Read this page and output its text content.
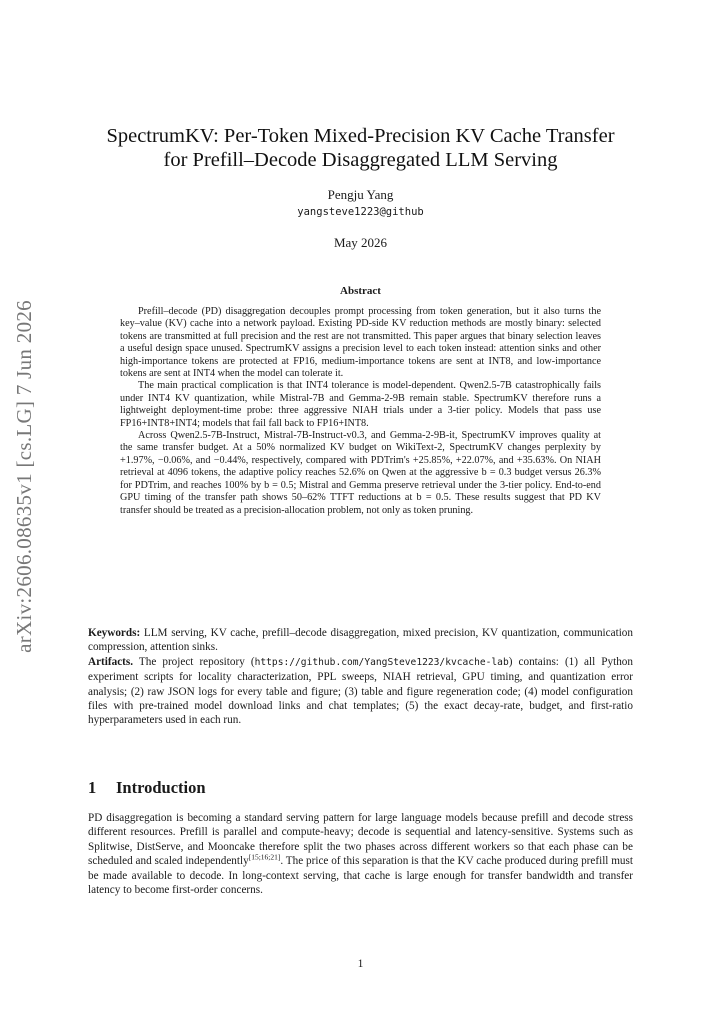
arXiv:2606.08635v1 [cs.LG] 7 Jun 2026
SpectrumKV: Per-Token Mixed-Precision KV Cache Transfer
for Prefill–Decode Disaggregated LLM Serving
Pengju Yang
yangsteve1223@github
May 2026
Abstract

Prefill–decode (PD) disaggregation decouples prompt processing from token generation, but it also turns the key–value (KV) cache into a network payload. Existing PD-side KV reduction methods are mostly binary: selected tokens are transmitted at full precision and the rest are not transmitted. This paper argues that binary selection leaves a useful design space unused. SpectrumKV assigns a precision level to each token instead: attention sinks and other high-importance tokens are protected at FP16, medium-importance tokens are sent at INT8, and low-importance tokens are sent at INT4 when the model can tolerate it.

The main practical complication is that INT4 tolerance is model-dependent. Qwen2.5-7B catastrophically fails under INT4 KV quantization, while Mistral-7B and Gemma-2-9B remain stable. SpectrumKV therefore runs a lightweight deployment-time probe: three aggressive NIAH trials under a 3-tier policy. Models that pass use FP16+INT8+INT4; models that fail fall back to FP16+INT8.

Across Qwen2.5-7B-Instruct, Mistral-7B-Instruct-v0.3, and Gemma-2-9B-it, SpectrumKV improves quality at the same transfer budget. At a 50% normalized KV budget on WikiText-2, SpectrumKV changes perplexity by +1.97%, −0.06%, and −0.44%, respectively, compared with PDTrim's +25.85%, +22.07%, and +35.63%. On NIAH retrieval at 4096 tokens, the adaptive policy reaches 52.6% on Qwen at the aggressive b = 0.3 budget versus 26.3% for PDTrim, and reaches 100% by b = 0.5; Mistral and Gemma preserve retrieval under the 3-tier policy. End-to-end GPU timing of the transfer path shows 50–62% TTFT reductions at b = 0.5. These results suggest that PD KV transfer should be treated as a precision-allocation problem, not only as token pruning.

Keywords: LLM serving, KV cache, prefill–decode disaggregation, mixed precision, KV quantization, communication compression, attention sinks.

Artifacts. The project repository (https://github.com/YangSteve1223/kvcache-lab) contains: (1) all Python experiment scripts for locality characterization, PPL sweeps, NIAH retrieval, GPU timing, and quantization error analysis; (2) raw JSON logs for every table and figure; (3) table and figure regeneration code; (4) model configuration files with pre-trained model download links and chat templates; (5) the exact decay-rate, budget, and first-ratio hyperparameters used in each run.

1 Introduction

PD disaggregation is becoming a standard serving pattern for large language models because prefill and decode stress different resources. Prefill is parallel and compute-heavy; decode is sequential and latency-sensitive. Systems such as Splitwise, DistServe, and Mooncake therefore split the two phases across different workers so that each phase can be scheduled and scaled independently[15;16;21]. The price of this separation is that the KV cache produced during prefill must be made available to decode. In long-context serving, that cache is large enough for transfer bandwidth and transfer latency to become first-order concerns.

1
